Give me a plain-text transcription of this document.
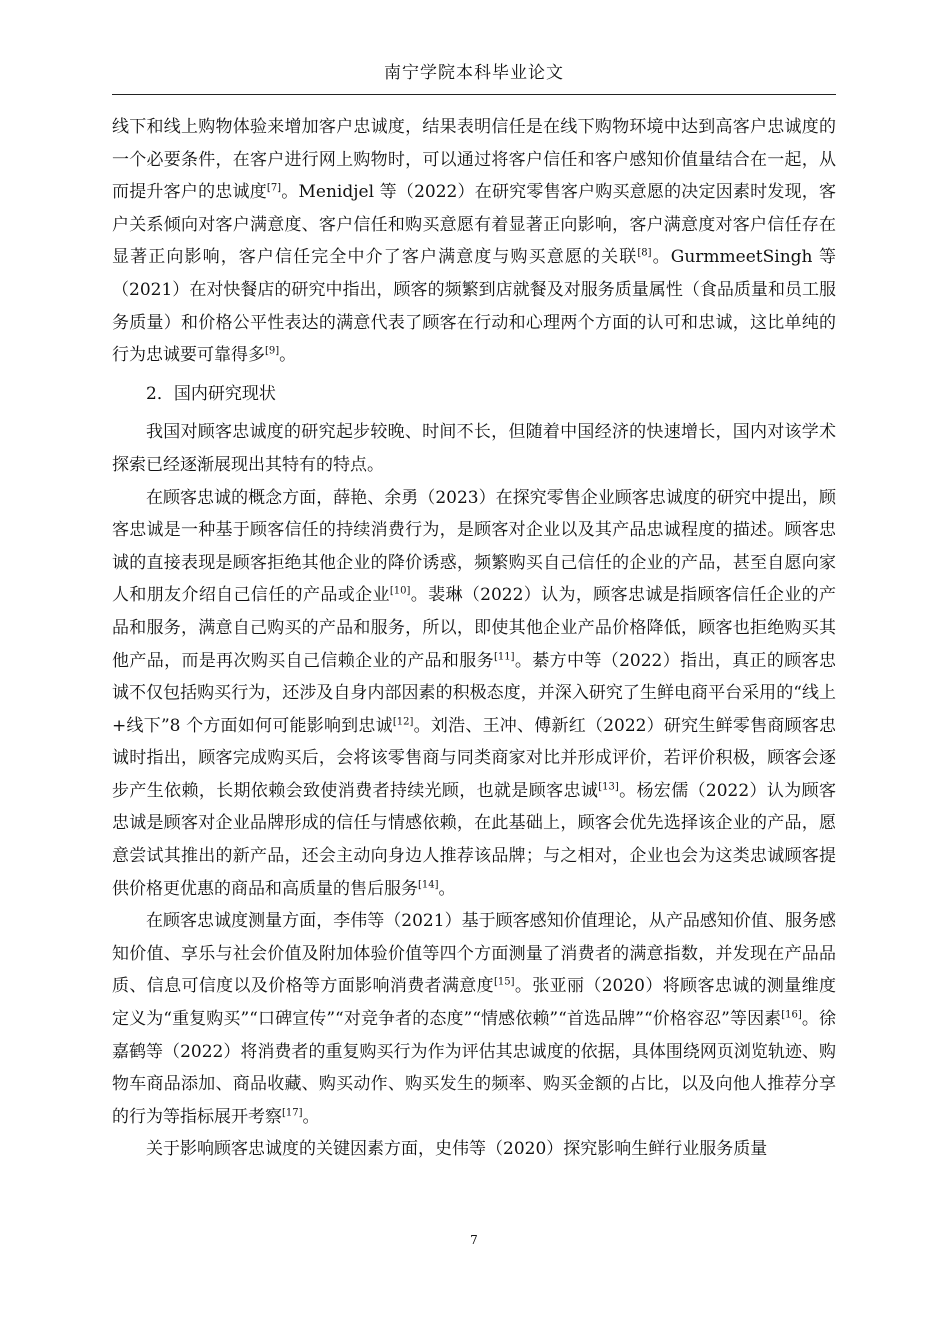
南宁学院本科毕业论文

线下和线上购物体验来增加客户忠诚度，结果表明信任是在线下购物环境中达到高客户忠诚度的一个必要条件，在客户进行网上购物时，可以通过将客户信任和客户感知价值量结合在一起，从而提升客户的忠诚度[7]。Menidjel 等（2022）在研究零售客户购买意愿的决定因素时发现，客户关系倾向对客户满意度、客户信任和购买意愿有着显著正向影响，客户满意度对客户信任存在显著正向影响，客户信任完全中介了客户满意度与购买意愿的关联[8]。GurmmeetSingh 等（2021）在对快餐店的研究中指出，顾客的频繁到店就餐及对服务质量属性（食品质量和员工服务质量）和价格公平性表达的满意代表了顾客在行动和心理两个方面的认可和忠诚，这比单纯的行为忠诚要可靠得多[9]。

2．国内研究现状

我国对顾客忠诚度的研究起步较晚、时间不长，但随着中国经济的快速增长，国内对该学术探索已经逐渐展现出其特有的特点。

在顾客忠诚的概念方面，薛艳、余勇（2023）在探究零售企业顾客忠诚度的研究中提出，顾客忠诚是一种基于顾客信任的持续消费行为，是顾客对企业以及其产品忠诚程度的描述。顾客忠诚的直接表现是顾客拒绝其他企业的降价诱惑，频繁购买自己信任的企业的产品，甚至自愿向家人和朋友介绍自己信任的产品或企业[10]。裴琳（2022）认为，顾客忠诚是指顾客信任企业的产品和服务，满意自己购买的产品和服务，所以，即使其他企业产品价格降低，顾客也拒绝购买其他产品，而是再次购买自己信赖企业的产品和服务[11]。綦方中等（2022）指出，真正的顾客忠诚不仅包括购买行为，还涉及自身内部因素的积极态度，并深入研究了生鲜电商平台采用的“线上+线下”8 个方面如何可能影响到忠诚[12]。刘浩、王冲、傅新红（2022）研究生鲜零售商顾客忠诚时指出，顾客完成购买后，会将该零售商与同类商家对比并形成评价，若评价积极，顾客会逐步产生依赖，长期依赖会致使消费者持续光顾，也就是顾客忠诚[13]。杨宏儒（2022）认为顾客忠诚是顾客对企业品牌形成的信任与情感依赖，在此基础上，顾客会优先选择该企业的产品，愿意尝试其推出的新产品，还会主动向身边人推荐该品牌；与之相对，企业也会为这类忠诚顾客提供价格更优惠的商品和高质量的售后服务[14]。

在顾客忠诚度测量方面，李伟等（2021）基于顾客感知价值理论，从产品感知价值、服务感知价值、享乐与社会价值及附加体验价值等四个方面测量了消费者的满意指数，并发现在产品品质、信息可信度以及价格等方面影响消费者满意度[15]。张亚丽（2020）将顾客忠诚的测量维度定义为“重复购买”“口碑宣传”“对竞争者的态度”“情感依赖”“首选品牌”“价格容忍”等因素[16]。徐嘉鹤等（2022）将消费者的重复购买行为作为评估其忠诚度的依据，具体围绕网页浏览轨迹、购物车商品添加、商品收藏、购买动作、购买发生的频率、购买金额的占比，以及向他人推荐分享的行为等指标展开考察[17]。

关于影响顾客忠诚度的关键因素方面，史伟等（2020）探究影响生鲜行业服务质量

7
